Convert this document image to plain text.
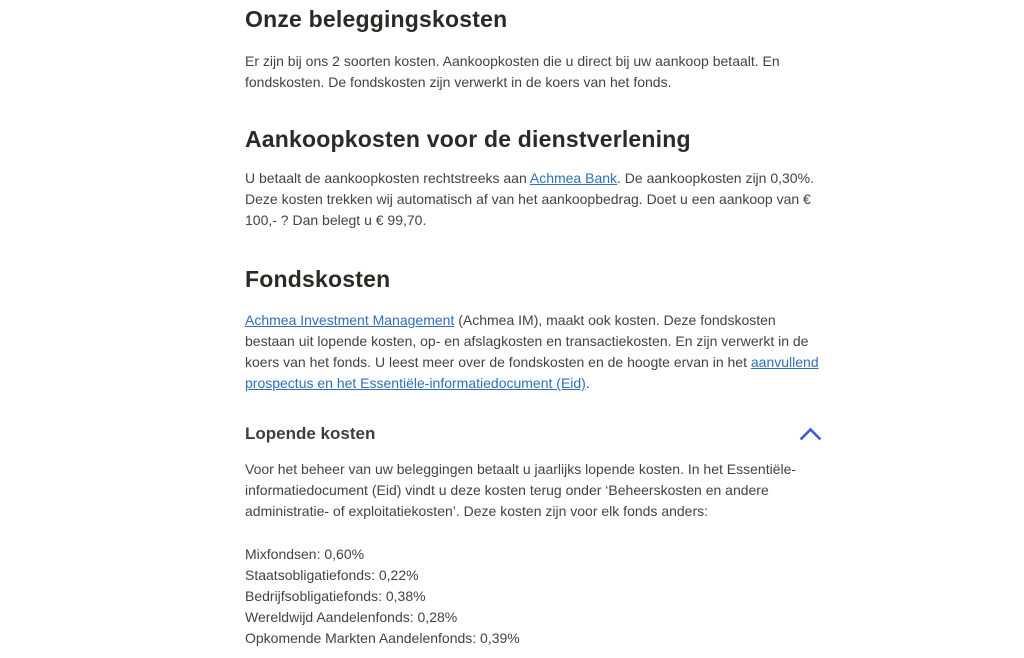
Onze beleggingskosten

Er zijn bij ons 2 soorten kosten. Aankoopkosten die u direct bij uw aankoop betaalt. En fondskosten. De fondskosten zijn verwerkt in de koers van het fonds.

Aankoopkosten voor de dienstverlening

U betaalt de aankoopkosten rechtstreeks aan Achmea Bank. De aankoopkosten zijn 0,30%. Deze kosten trekken wij automatisch af van het aankoopbedrag. Doet u een aankoop van € 100,- ? Dan belegt u € 99,70.

Fondskosten

Achmea Investment Management (Achmea IM), maakt ook kosten. Deze fondskosten bestaan uit lopende kosten, op- en afslagkosten en transactiekosten. En zijn verwerkt in de koers van het fonds. U leest meer over de fondskosten en de hoogte ervan in het aanvullend prospectus en het Essentiële-informatiedocument (Eid).

Lopende kosten

Voor het beheer van uw beleggingen betaalt u jaarlijks lopende kosten. In het Essentiële-informatiedocument (Eid) vindt u deze kosten terug onder ‘Beheerskosten en andere administratie- of exploitatiekosten’. Deze kosten zijn voor elk fonds anders:

Mixfondsen: 0,60%
Staatsobligatiefonds: 0,22%
Bedrijfsobligatiefonds: 0,38%
Wereldwijd Aandelenfonds: 0,28%
Opkomende Markten Aandelenfonds: 0,39%
